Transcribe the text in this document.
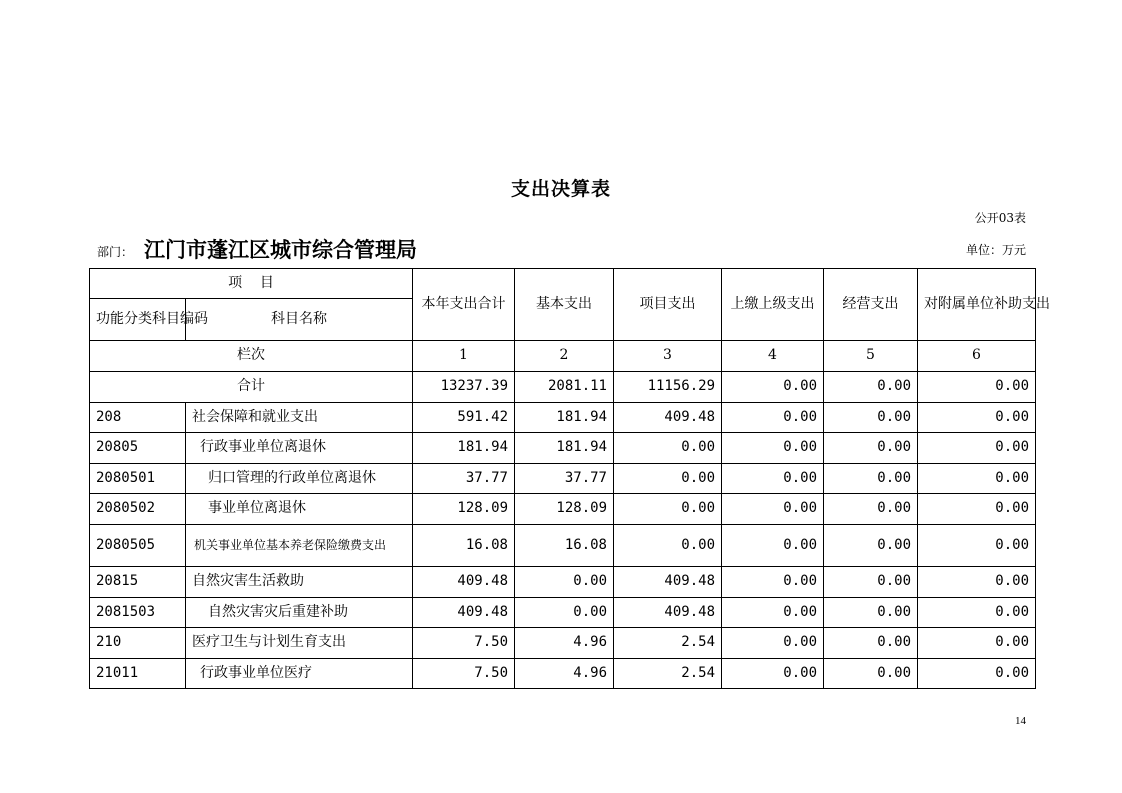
支出决算表
公开03表
部门： 江门市蓬江区城市综合管理局	单位：万元
项    目		本年支出合计	基本支出	项目支出	上缴上级支出	经营支出	对附属单位补助支出
功能分类科目编码	科目名称						
栏次		1	2	3	4	5	6
合计		13237.39	2081.11	11156.29	0.00	0.00	0.00
208	社会保障和就业支出	591.42	181.94	409.48	0.00	0.00	0.00
20805	行政事业单位离退休	181.94	181.94	0.00	0.00	0.00	0.00
2080501	归口管理的行政单位离退休	37.77	37.77	0.00	0.00	0.00	0.00
2080502	事业单位离退休	128.09	128.09	0.00	0.00	0.00	0.00
2080505	机关事业单位基本养老保险缴费支出	16.08	16.08	0.00	0.00	0.00	0.00
20815	自然灾害生活救助	409.48	0.00	409.48	0.00	0.00	0.00
2081503	自然灾害灾后重建补助	409.48	0.00	409.48	0.00	0.00	0.00
210	医疗卫生与计划生育支出	7.50	4.96	2.54	0.00	0.00	0.00
21011	行政事业单位医疗	7.50	4.96	2.54	0.00	0.00	0.00
14
